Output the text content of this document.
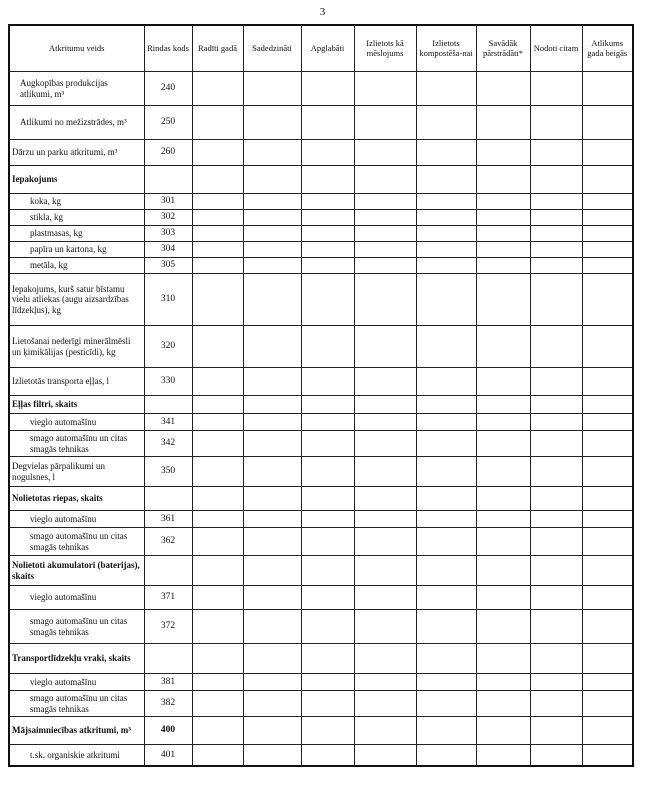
3
Atkritumu veids	Rindas kods	Radīti gadā	Sadedzināti	Apglabāti	Izlietots kā mēslojums	Izlietots kompostēša-nai	Savādāk pārstrādāti*	Nodoti citam	Atlikums gada beigās
Augkopības produkcijas atlikumi, m³	240								
Atlikumi no mežizstrādes, m³	250								
Dārzu un parku atkritumi, m³	260								
Iepakojums									
koka, kg	301								
stikla, kg	302								
plastmasas, kg	303								
papīra un kartona, kg	304								
metāla, kg	305								
Iepakojums, kurš satur bīstamu vielu atliekas (augu aizsardzības līdzekļus), kg	310								
Lietošanai nederīgi minerālmēsli un ķimikālijas (pesticīdi), kg	320								
Izlietotās transporta eļļas, l	330								
Eļļas filtri, skaits									
vieglo automašīnu	341								
smago automašīnu un citas smagās tehnikas	342								
Degvielas pārpalikumi un nogulsnes, l	350								
Nolietotas riepas, skaits									
vieglo automašīnu	361								
smago automašīnu un citas smagās tehnikas	362								
Nolietoti akumulatori (baterijas), skaits									
vieglo automašīnu	371								
smago automašīnu un citas smagās tehnikas	372								
Transportlīdzekļu vraki, skaits									
vieglo automašīnu	381								
smago automašīnu un citas smagās tehnikas	382								
Mājsaimniecības atkritumi, m³	400								
t.sk. organiskie atkritumi	401								
